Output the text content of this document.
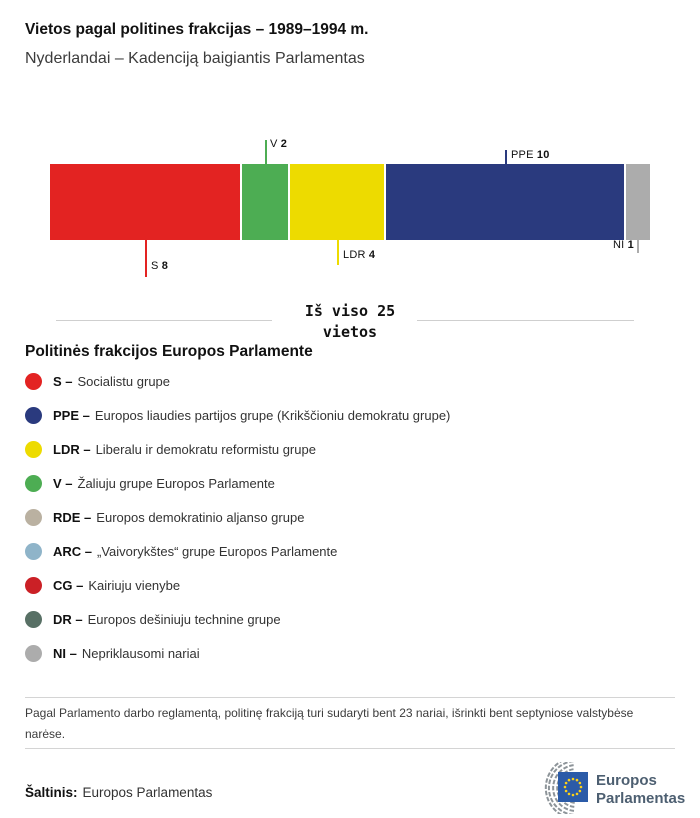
Vietos pagal politines frakcijas – 1989–1994 m.
Nyderlandai – Kadenciją baigiantis Parlamentas
S 8
V 2
LDR 4
PPE 10
NI 1
Iš viso 25
vietos
Politinės frakcijos Europos Parlamente
S – Socialistu grupe
PPE – Europos liaudies partijos grupe (Krikščioniu demokratu grupe)
LDR – Liberalu ir demokratu reformistu grupe
V – Žaliuju grupe Europos Parlamente
RDE – Europos demokratinio aljanso grupe
ARC – „Vaivorykštes“ grupe Europos Parlamente
CG – Kairiuju vienybe
DR – Europos dešiniuju technine grupe
NI – Nepriklausomi nariai
Pagal Parlamento darbo reglamentą, politinę frakciją turi sudaryti bent 23 nariai, išrinkti bent septyniose valstybėse narėse.
Šaltinis: Europos Parlamentas
Europos
Parlamentas
